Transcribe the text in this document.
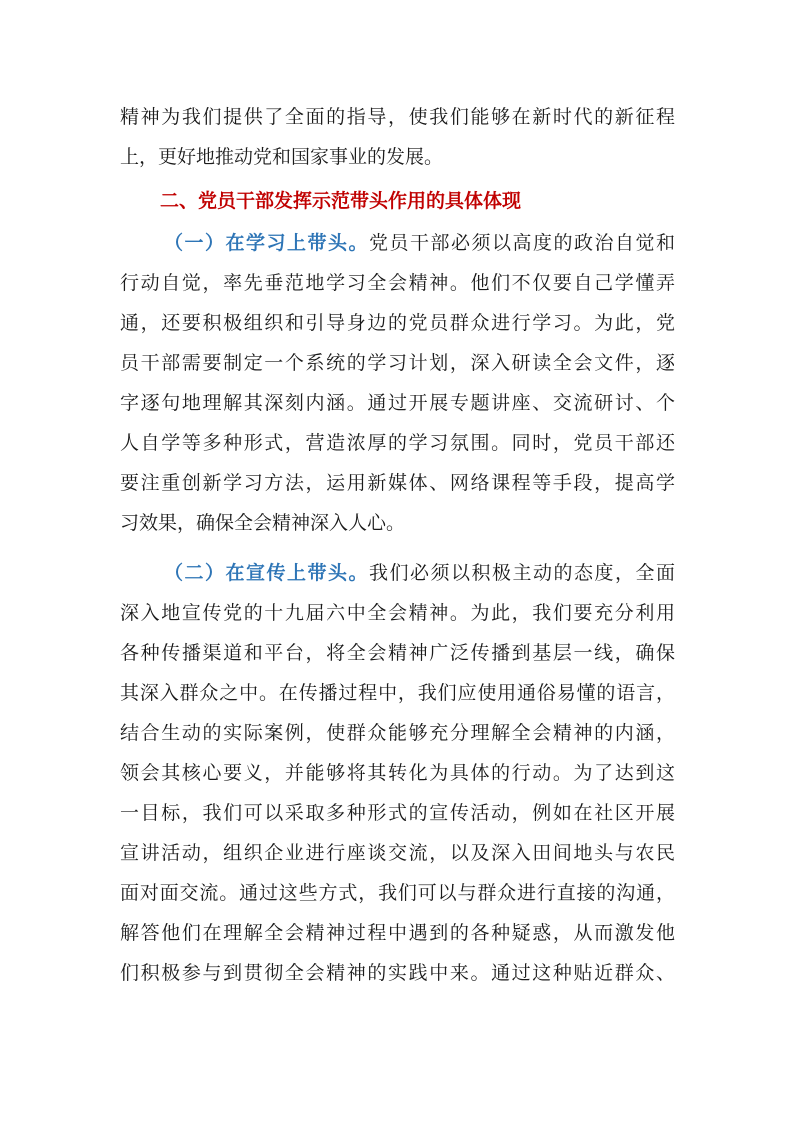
精神为我们提供了全面的指导，使我们能够在新时代的新征程
上，更好地推动党和国家事业的发展。
二、党员干部发挥示范带头作用的具体体现
（一）在学习上带头。党员干部必须以高度的政治自觉和
行动自觉，率先垂范地学习全会精神。他们不仅要自己学懂弄
通，还要积极组织和引导身边的党员群众进行学习。为此，党
员干部需要制定一个系统的学习计划，深入研读全会文件，逐
字逐句地理解其深刻内涵。通过开展专题讲座、交流研讨、个
人自学等多种形式，营造浓厚的学习氛围。同时，党员干部还
要注重创新学习方法，运用新媒体、网络课程等手段，提高学
习效果，确保全会精神深入人心。
（二）在宣传上带头。我们必须以积极主动的态度，全面
深入地宣传党的十九届六中全会精神。为此，我们要充分利用
各种传播渠道和平台，将全会精神广泛传播到基层一线，确保
其深入群众之中。在传播过程中，我们应使用通俗易懂的语言，
结合生动的实际案例，使群众能够充分理解全会精神的内涵，
领会其核心要义，并能够将其转化为具体的行动。为了达到这
一目标，我们可以采取多种形式的宣传活动，例如在社区开展
宣讲活动，组织企业进行座谈交流，以及深入田间地头与农民
面对面交流。通过这些方式，我们可以与群众进行直接的沟通，
解答他们在理解全会精神过程中遇到的各种疑惑，从而激发他
们积极参与到贯彻全会精神的实践中来。通过这种贴近群众、
